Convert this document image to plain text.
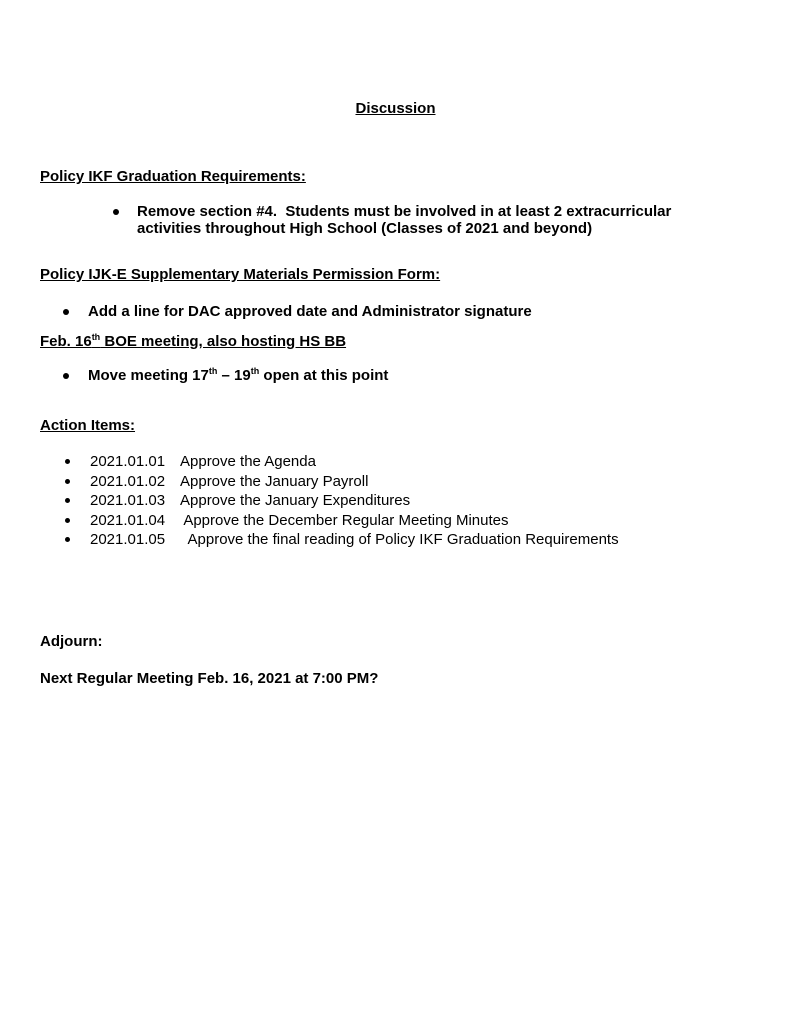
Discussion
Policy IKF Graduation Requirements:
Remove section #4.  Students must be involved in at least 2 extracurricular activities throughout High School (Classes of 2021 and beyond)
Policy IJK-E Supplementary Materials Permission Form:
Add a line for DAC approved date and Administrator signature
Feb. 16th BOE meeting, also hosting HS BB
Move meeting 17th – 19th open at this point
Action Items:
2021.01.01 Approve the Agenda
2021.01.02 Approve the January Payroll
2021.01.03 Approve the January Expenditures
2021.01.04 Approve the December Regular Meeting Minutes
2021.01.05 Approve the final reading of Policy IKF Graduation Requirements
Adjourn:
Next Regular Meeting Feb. 16, 2021 at 7:00 PM?
